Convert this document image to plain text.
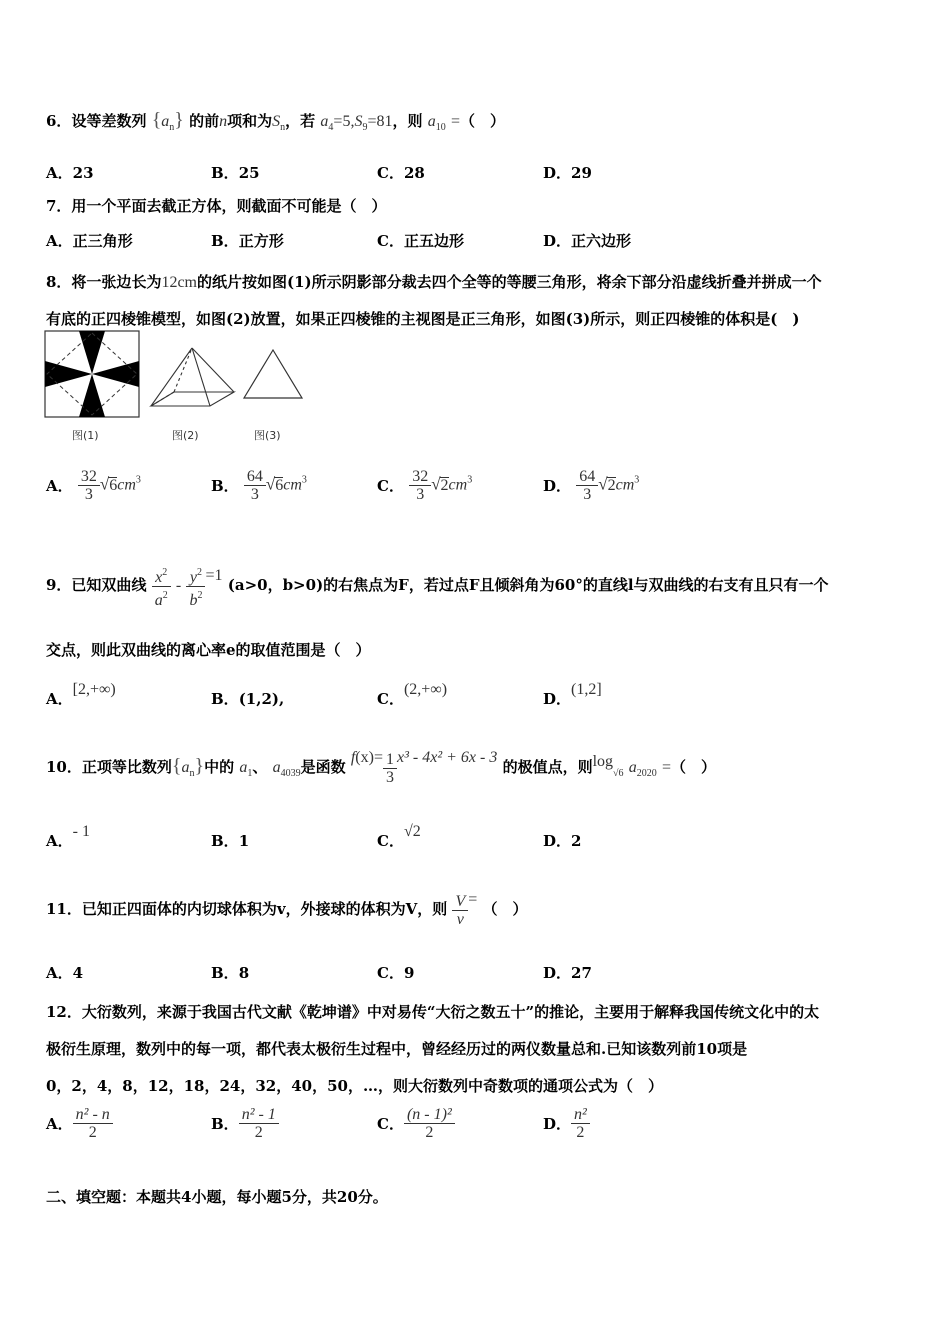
6．设等差数列 $\{a_n\}$ 的前n项和为$S_n$，若 $a_4=5,S_9=81$，则 $a_{10}$ =（　）
A．23	B．25	C．28	D．29
7．用一个平面去截正方体，则截面不可能是（　）
A．正三角形	B．正方形	C．正五边形	D．正六边形
8．将一张边长为12cm的纸片按如图(1)所示阴影部分裁去四个全等的等腰三角形，将余下部分沿虚线折叠并拼成一个
有底的正四棱锥模型，如图(2)放置，如果正四棱锥的主视图是正三角形，如图(3)所示，则正四棱锥的体积是(　)
图(1)	图(2)	图(3)
A． $\frac{32}{3} √6cm^3$	B． $\frac{64}{3} √6cm^3$	C． $\frac{32}{3} √2cm^3$	D． $\frac{64}{3} √2cm^3$
9．已知双曲线 $\frac{x^2}{a^2} - \frac{y^2}{b^2} =1$ (a>0，b>0)的右焦点为F，若过点F且倾斜角为60°的直线l与双曲线的右支有且只有一个
交点，则此双曲线的离心率e的取值范围是（　）
A．[2,+∞)
B．(1,2),	C．(2,+∞)
D．(1,2]
10．正项等比数列$\{a_n\}$中的 $a_1$、 $a_{4039}$是函数 $f(x)= \frac{1}{3} x^3 - 4x^2 + 6x - 3$ 的极值点，则$\log_{√6} a_{2020}$ =（　）
A．- 1
B．1	C．√2
D．2
11．已知正四面体的内切球体积为v，外接球的体积为V，则 $\frac{V}{v}$ = （　）
A．4	B．8	C．9	D．27
12．大衍数列，来源于我国古代文献《乾坤谱》中对易传“大衍之数五十”的推论，主要用于解释我国传统文化中的太
极衍生原理，数列中的每一项，都代表太极衍生过程中，曾经经历过的两仪数量总和.已知该数列前10项是
0，2，4，8，12，18，24，32，40，50，…，则大衍数列中奇数项的通项公式为（　）
A． $\frac{\text{n² - n}}{2}$	B． $\frac{\text{n² - 1}}{2}$	C． $\frac{\text{(n - 1)²}}{2}$	D． $\frac{\text{n²}}{2}$
二、填空题：本题共4小题，每小题5分，共20分。
